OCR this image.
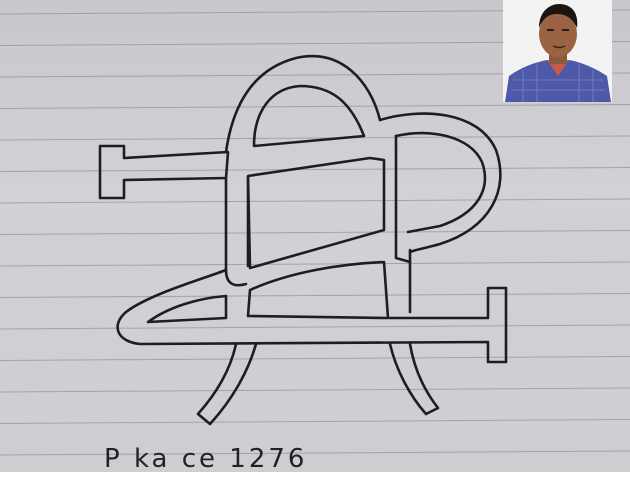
P ka ce 1276
